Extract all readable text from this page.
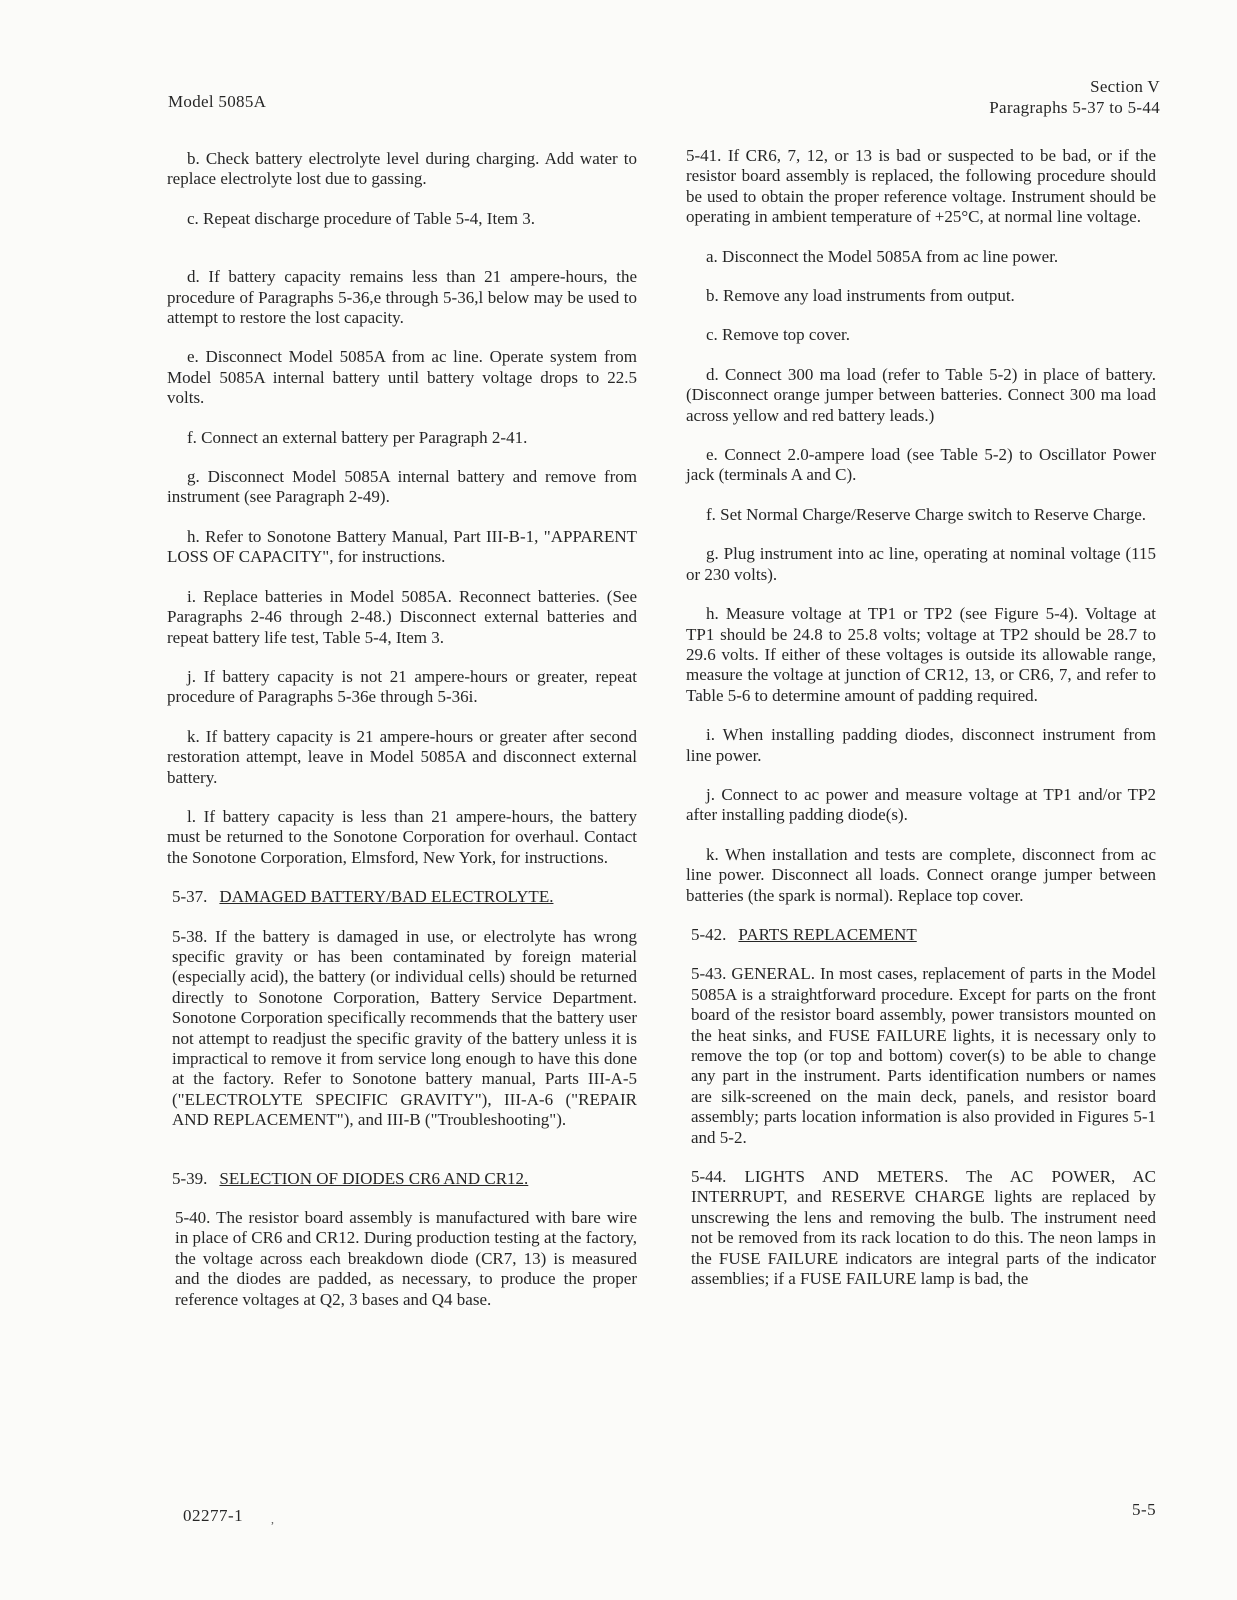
Model 5085A
Section V
Paragraphs 5-37 to 5-44

b. Check battery electrolyte level during charging. Add water to replace electrolyte lost due to gassing.

c. Repeat discharge procedure of Table 5-4, Item 3.

d. If battery capacity remains less than 21 ampere-hours, the procedure of Paragraphs 5-36,e through 5-36,l below may be used to attempt to restore the lost capacity.

e. Disconnect Model 5085A from ac line. Operate system from Model 5085A internal battery until battery voltage drops to 22.5 volts.

f. Connect an external battery per Paragraph 2-41.

g. Disconnect Model 5085A internal battery and remove from instrument (see Paragraph 2-49).

h. Refer to Sonotone Battery Manual, Part III-B-1, "APPARENT LOSS OF CAPACITY", for instructions.

i. Replace batteries in Model 5085A. Reconnect batteries. (See Paragraphs 2-46 through 2-48.) Disconnect external batteries and repeat battery life test, Table 5-4, Item 3.

j. If battery capacity is not 21 ampere-hours or greater, repeat procedure of Paragraphs 5-36e through 5-36i.

k. If battery capacity is 21 ampere-hours or greater after second restoration attempt, leave in Model 5085A and disconnect external battery.

l. If battery capacity is less than 21 ampere-hours, the battery must be returned to the Sonotone Corporation for overhaul. Contact the Sonotone Corporation, Elmsford, New York, for instructions.

5-37. DAMAGED BATTERY/BAD ELECTROLYTE.

5-38. If the battery is damaged in use, or electrolyte has wrong specific gravity or has been contaminated by foreign material (especially acid), the battery (or individual cells) should be returned directly to Sonotone Corporation, Battery Service Department. Sonotone Corporation specifically recommends that the battery user not attempt to readjust the specific gravity of the battery unless it is impractical to remove it from service long enough to have this done at the factory. Refer to Sonotone battery manual, Parts III-A-5 ("ELECTROLYTE SPECIFIC GRAVITY"), III-A-6 ("REPAIR AND REPLACEMENT"), and III-B ("Troubleshooting").

5-39. SELECTION OF DIODES CR6 AND CR12.

5-40. The resistor board assembly is manufactured with bare wire in place of CR6 and CR12. During production testing at the factory, the voltage across each breakdown diode (CR7, 13) is measured and the diodes are padded, as necessary, to produce the proper reference voltages at Q2, 3 bases and Q4 base.

5-41. If CR6, 7, 12, or 13 is bad or suspected to be bad, or if the resistor board assembly is replaced, the following procedure should be used to obtain the proper reference voltage. Instrument should be operating in ambient temperature of +25°C, at normal line voltage.

a. Disconnect the Model 5085A from ac line power.

b. Remove any load instruments from output.

c. Remove top cover.

d. Connect 300 ma load (refer to Table 5-2) in place of battery. (Disconnect orange jumper between batteries. Connect 300 ma load across yellow and red battery leads.)

e. Connect 2.0-ampere load (see Table 5-2) to Oscillator Power jack (terminals A and C).

f. Set Normal Charge/Reserve Charge switch to Reserve Charge.

g. Plug instrument into ac line, operating at nominal voltage (115 or 230 volts).

h. Measure voltage at TP1 or TP2 (see Figure 5-4). Voltage at TP1 should be 24.8 to 25.8 volts; voltage at TP2 should be 28.7 to 29.6 volts. If either of these voltages is outside its allowable range, measure the voltage at junction of CR12, 13, or CR6, 7, and refer to Table 5-6 to determine amount of padding required.

i. When installing padding diodes, disconnect instrument from line power.

j. Connect to ac power and measure voltage at TP1 and/or TP2 after installing padding diode(s).

k. When installation and tests are complete, disconnect from ac line power. Disconnect all loads. Connect orange jumper between batteries (the spark is normal). Replace top cover.

5-42. PARTS REPLACEMENT

5-43. GENERAL. In most cases, replacement of parts in the Model 5085A is a straightforward procedure. Except for parts on the front board of the resistor board assembly, power transistors mounted on the heat sinks, and FUSE FAILURE lights, it is necessary only to remove the top (or top and bottom) cover(s) to be able to change any part in the instrument. Parts identification numbers or names are silk-screened on the main deck, panels, and resistor board assembly; parts location information is also provided in Figures 5-1 and 5-2.

5-44. LIGHTS AND METERS. The AC POWER, AC INTERRUPT, and RESERVE CHARGE lights are replaced by unscrewing the lens and removing the bulb. The instrument need not be removed from its rack location to do this. The neon lamps in the FUSE FAILURE indicators are integral parts of the indicator assemblies; if a FUSE FAILURE lamp is bad, the

02277-1 ,	5-5
